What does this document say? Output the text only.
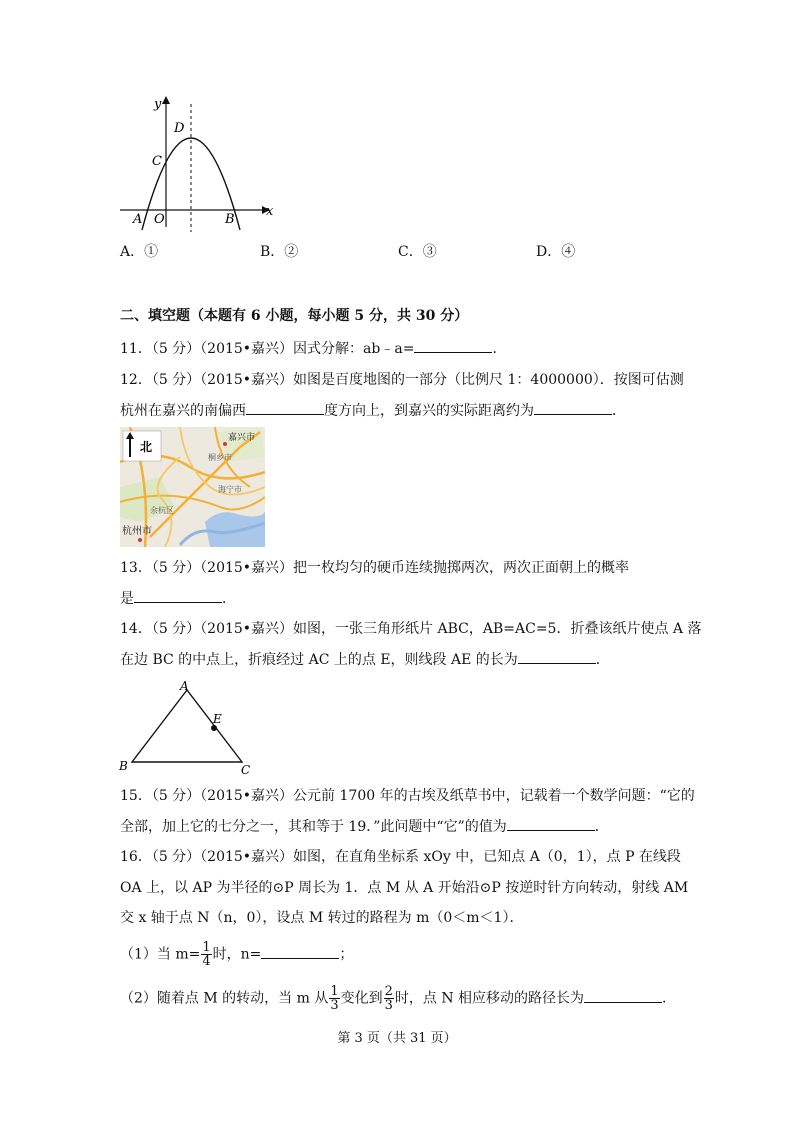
y
x
D
C
A O	B
A．①	B．②	C．③	D．④
二、填空题（本题有 6 小题，每小题 5 分，共 30 分）
11．（5 分）（2015•嘉兴）因式分解：ab﹣a=	．
12．（5 分）（2015•嘉兴）如图是百度地图的一部分（比例尺 1：4000000）．按图可估测
杭州在嘉兴的南偏西	度方向上，到嘉兴的实际距离约为	．
北
嘉兴市
桐乡市
海宁市
余杭区
杭州市
13．（5 分）（2015•嘉兴）把一枚均匀的硬币连续抛掷两次，两次正面朝上的概率
是	．
14．（5 分）（2015•嘉兴）如图，一张三角形纸片 ABC，AB=AC=5．折叠该纸片使点 A 落
在边 BC 的中点上，折痕经过 AC 上的点 E，则线段 AE 的长为	．
A
B	C
E
15．（5 分）（2015•嘉兴）公元前 1700 年的古埃及纸草书中，记载着一个数学问题：“它的
全部，加上它的七分之一，其和等于 19．”此问题中“它”的值为	．
16．（5 分）（2015•嘉兴）如图，在直角坐标系 xOy 中，已知点 A（0，1），点 P 在线段
OA 上，以 AP 为半径的⊙P 周长为 1．点 M 从 A 开始沿⊙P 按逆时针方向转动，射线 AM
交 x 轴于点 N（n，0），设点 M 转过的路程为 m（0＜m＜1）．
（1）当 $m= \frac{1}{4}$ 时，n=	；
（2）随着点 M 的转动，当 m 从 $\frac{1}{3}$ 变化到 $\frac{2}{3}$ 时，点 N 相应移动的路径长为	．
第 3 页（共 31 页）
